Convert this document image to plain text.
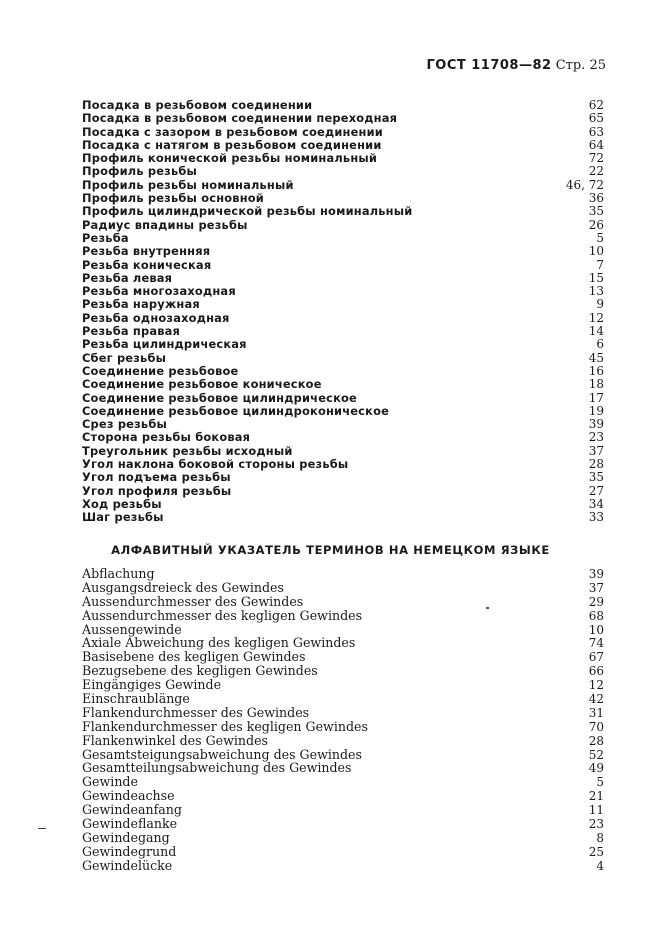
ГОСТ 11708—82 Стр. 25
Посадка в резьбовом соединении	62
Посадка в резьбовом соединении переходная	65
Посадка с зазором в резьбовом соединении	63
Посадка с натягом в резьбовом соединении	64
Профиль конической резьбы номинальный	72
Профиль резьбы	22
Профиль резьбы номинальный	46, 72
Профиль резьбы основной	36
Профиль цилиндрической резьбы номинальный	35
Радиус впадины резьбы	26
Резьба	5
Резьба внутренняя	10
Резьба коническая	7
Резьба левая	15
Резьба многозаходная	13
Резьба наружная	9
Резьба однозаходная	12
Резьба правая	14
Резьба цилиндрическая	6
Сбег резьбы	45
Соединение резьбовое	16
Соединение резьбовое коническое	18
Соединение резьбовое цилиндрическое	17
Соединение резьбовое цилиндроконическое	19
Срез резьбы	39
Сторона резьбы боковая	23
Треугольник резьбы исходный	37
Угол наклона боковой стороны резьбы	28
Угол подъема резьбы	35
Угол профиля резьбы	27
Ход резьбы	34
Шаг резьбы	33
АЛФАВИТНЫЙ УКАЗАТЕЛЬ ТЕРМИНОВ НА НЕМЕЦКОМ ЯЗЫКЕ
Abflachung	39
Ausgangsdreieck des Gewindes	37
Aussendurchmesser des Gewindes	29
Aussendurchmesser des kegligen Gewindes	68
Aussengewinde	10
Axiale Abweichung des kegligen Gewindes	74
Basisebene des kegligen Gewindes	67
Bezugsebene des kegligen Gewindes	66
Eingängiges Gewinde	12
Einschraublänge	42
Flankendurchmesser des Gewindes	31
Flankendurchmesser des kegligen Gewindes	70
Flankenwinkel des Gewindes	28
Gesamtsteigungsabweichung des Gewindes	52
Gesamtteilungsabweichung des Gewindes	49
Gewinde	5
Gewindeachse	21
Gewindeanfang	11
Gewindeflanke	23
Gewindegang	8
Gewindegrund	25
Gewindelücke	4
